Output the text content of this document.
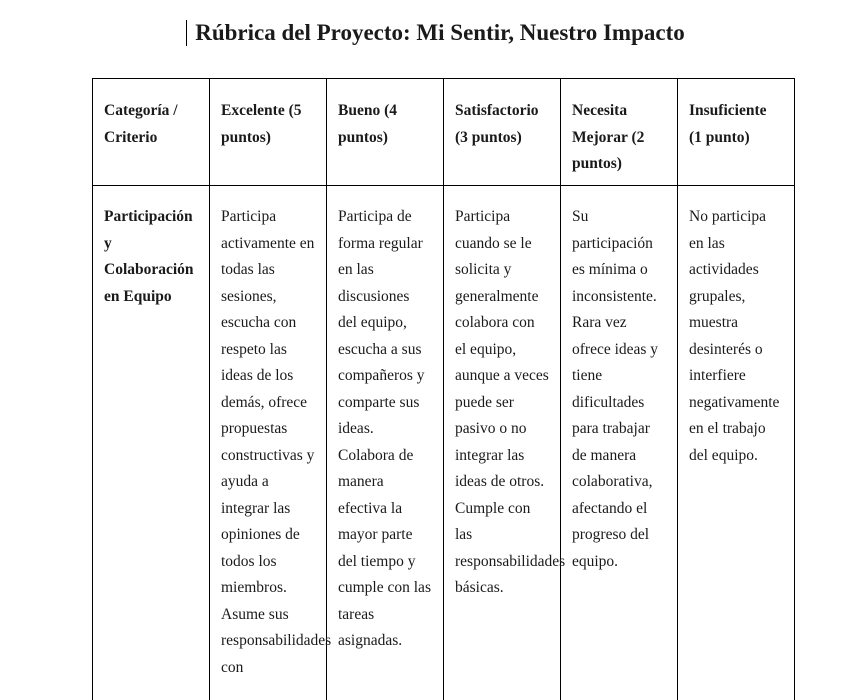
Rúbrica del Proyecto: Mi Sentir, Nuestro Impacto
Categoría / Criterio	Excelente (5 puntos)	Bueno (4 puntos)	Satisfactorio (3 puntos)	Necesita Mejorar (2 puntos)	Insuficiente (1 punto)
Participación y Colaboración en Equipo	Participa activamente en todas las sesiones, escucha con respeto las ideas de los demás, ofrece propuestas constructivas y ayuda a integrar las opiniones de todos los miembros. Asume sus responsabilidades con	Participa de forma regular en las discusiones del equipo, escucha a sus compañeros y comparte sus ideas. Colabora de manera efectiva la mayor parte del tiempo y cumple con las tareas asignadas.	Participa cuando se le solicita y generalmente colabora con el equipo, aunque a veces puede ser pasivo o no integrar las ideas de otros. Cumple con las responsabilidades básicas.	Su participación es mínima o inconsistente. Rara vez ofrece ideas y tiene dificultades para trabajar de manera colaborativa, afectando el progreso del equipo.	No participa en las actividades grupales, muestra desinterés o interfiere negativamente en el trabajo del equipo.
